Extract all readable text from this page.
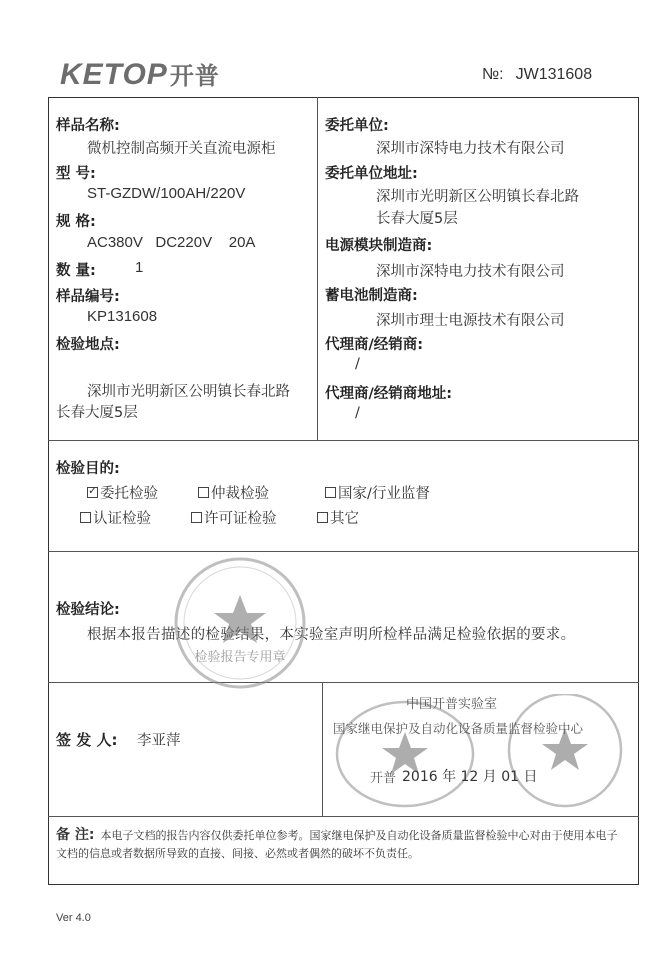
KETOP开普	№: JW131608
样品名称:
微机控制高频开关直流电源柜
型 号:
ST-GZDW/100AH/220V
规 格:
AC380V   DC220V    20A
数 量:	1
样品编号:
KP131608
检验地点:
深圳市光明新区公明镇长春北路
长春大厦5层
委托单位:
深圳市深特电力技术有限公司
委托单位地址:
深圳市光明新区公明镇长春北路
长春大厦5层
电源模块制造商:
深圳市深特电力技术有限公司
蓄电池制造商:
深圳市理士电源技术有限公司
代理商/经销商:
/
代理商/经销商地址:
/
检验目的:
✓委托检验	仲裁检验	国家/行业监督
认证检验	许可证检验	其它
检验结论:
根据本报告描述的检验结果，本实验室声明所检样品满足检验依据的要求。
检验报告专用章
签 发 人: 李亚萍
中国开普实验室
国家继电保护及自动化设备质量监督检验中心
开普 2016 年 12 月 01 日
备 注: 本电子文档的报告内容仅供委托单位参考。国家继电保护及自动化设备质量监督检验中心对由于使用本电子文档的信息或者数据所导致的直接、间接、必然或者偶然的破坏不负责任。
Ver 4.0
